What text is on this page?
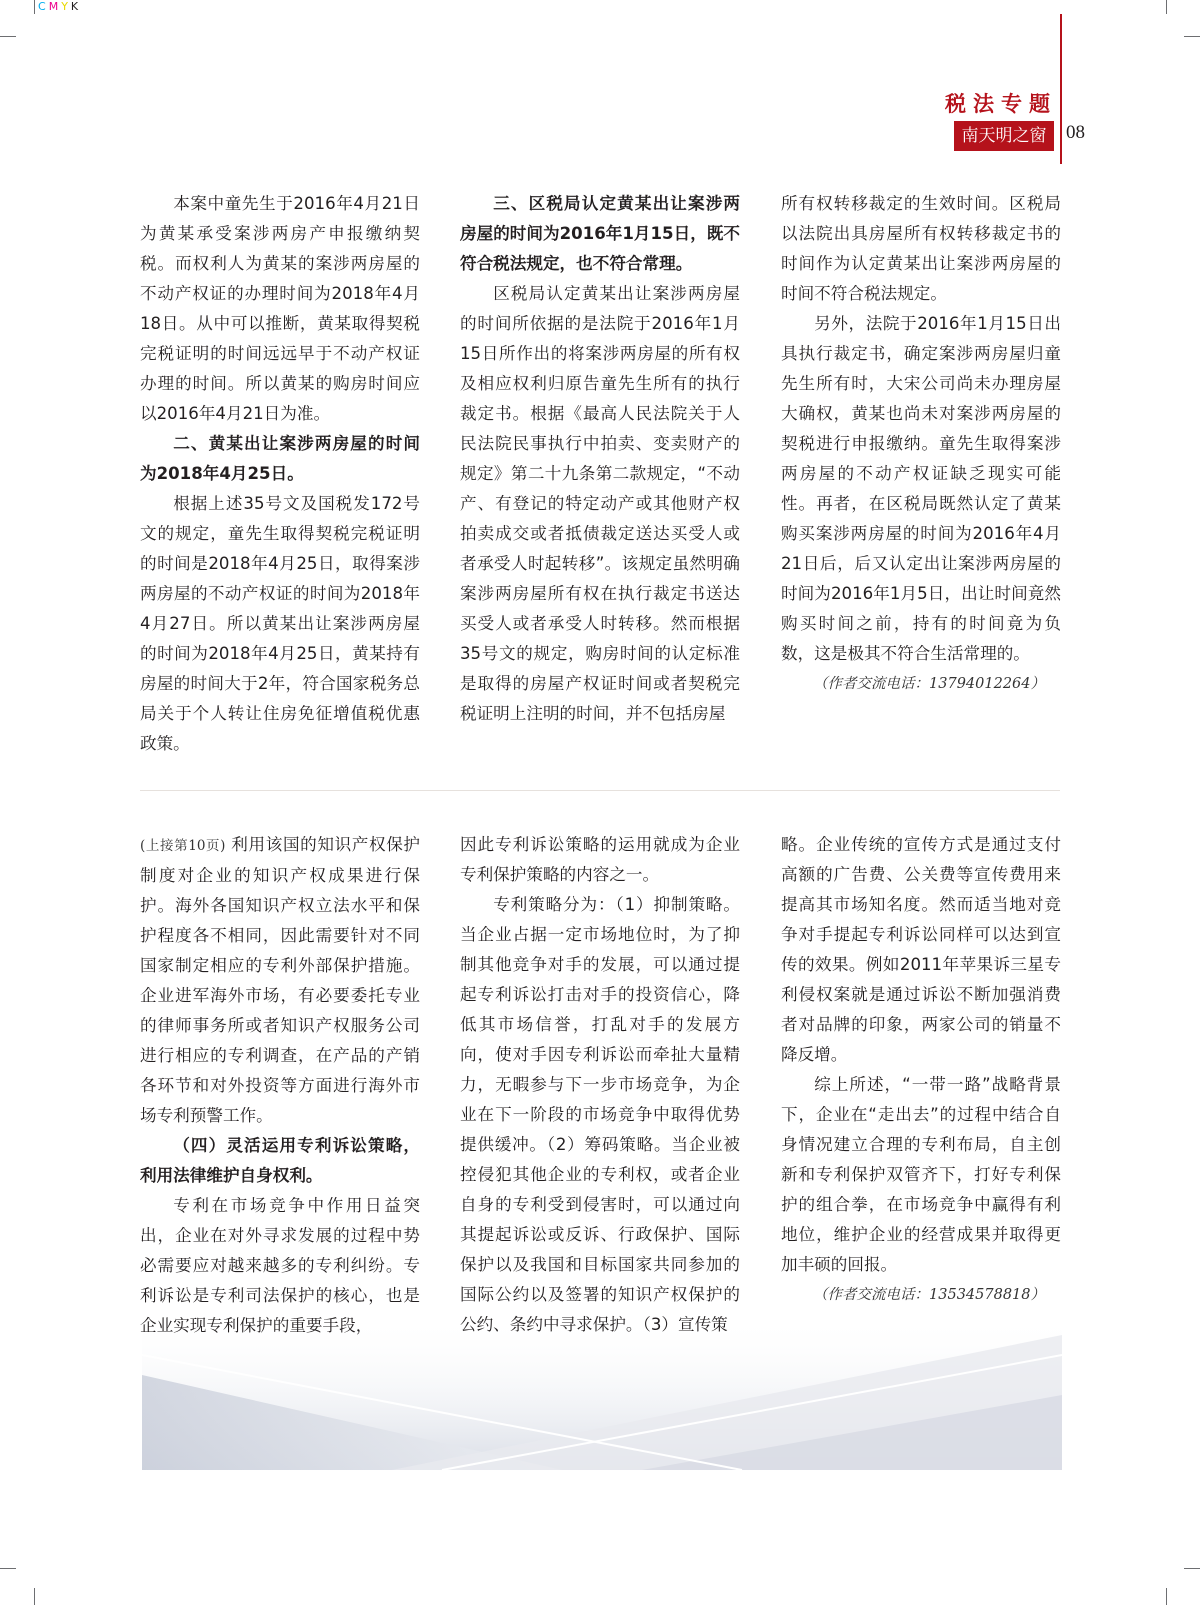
CMYK
税法专题
南天明之窗	08

本案中童先生于2016年4月21日为黄某承受案涉两房产申报缴纳契税。而权利人为黄某的案涉两房屋的不动产权证的办理时间为2018年4月18日。从中可以推断，黄某取得契税完税证明的时间远远早于不动产权证办理的时间。所以黄某的购房时间应以2016年4月21日为准。

二、黄某出让案涉两房屋的时间为2018年4月25日。

根据上述35号文及国税发172号文的规定，童先生取得契税完税证明的时间是2018年4月25日，取得案涉两房屋的不动产权证的时间为2018年4月27日。所以黄某出让案涉两房屋的时间为2018年4月25日，黄某持有房屋的时间大于2年，符合国家税务总局关于个人转让住房免征增值税优惠政策。

三、区税局认定黄某出让案涉两房屋的时间为2016年1月15日，既不符合税法规定，也不符合常理。

区税局认定黄某出让案涉两房屋的时间所依据的是法院于2016年1月15日所作出的将案涉两房屋的所有权及相应权利归原告童先生所有的执行裁定书。根据《最高人民法院关于人民法院民事执行中拍卖、变卖财产的规定》第二十九条第二款规定，“不动产、有登记的特定动产或其他财产权拍卖成交或者抵债裁定送达买受人或者承受人时起转移”。该规定虽然明确案涉两房屋所有权在执行裁定书送达买受人或者承受人时转移。然而根据35号文的规定，购房时间的认定标准是取得的房屋产权证时间或者契税完税证明上注明的时间，并不包括房屋

所有权转移裁定的生效时间。区税局以法院出具房屋所有权转移裁定书的时间作为认定黄某出让案涉两房屋的时间不符合税法规定。

另外，法院于2016年1月15日出具执行裁定书，确定案涉两房屋归童先生所有时，大宋公司尚未办理房屋大确权，黄某也尚未对案涉两房屋的契税进行申报缴纳。童先生取得案涉两房屋的不动产权证缺乏现实可能性。再者，在区税局既然认定了黄某购买案涉两房屋的时间为2016年4月21日后，后又认定出让案涉两房屋的时间为2016年1月5日，出让时间竟然购买时间之前，持有的时间竟为负数，这是极其不符合生活常理的。

（作者交流电话：13794012264）

(上接第10页) 利用该国的知识产权保护制度对企业的知识产权成果进行保护。海外各国知识产权立法水平和保护程度各不相同，因此需要针对不同国家制定相应的专利外部保护措施。企业进军海外市场，有必要委托专业的律师事务所或者知识产权服务公司进行相应的专利调查，在产品的产销各环节和对外投资等方面进行海外市场专利预警工作。

（四）灵活运用专利诉讼策略，利用法律维护自身权利。

专利在市场竞争中作用日益突出，企业在对外寻求发展的过程中势必需要应对越来越多的专利纠纷。专利诉讼是专利司法保护的核心，也是企业实现专利保护的重要手段，

因此专利诉讼策略的运用就成为企业专利保护策略的内容之一。

专利策略分为：（1）抑制策略。当企业占据一定市场地位时，为了抑制其他竞争对手的发展，可以通过提起专利诉讼打击对手的投资信心，降低其市场信誉，打乱对手的发展方向，使对手因专利诉讼而牵扯大量精力，无暇参与下一步市场竞争，为企业在下一阶段的市场竞争中取得优势提供缓冲。（2）筹码策略。当企业被控侵犯其他企业的专利权，或者企业自身的专利受到侵害时，可以通过向其提起诉讼或反诉、行政保护、国际保护以及我国和目标国家共同参加的国际公约以及签署的知识产权保护的公约、条约中寻求保护。（3）宣传策

略。企业传统的宣传方式是通过支付高额的广告费、公关费等宣传费用来提高其市场知名度。然而适当地对竞争对手提起专利诉讼同样可以达到宣传的效果。例如2011年苹果诉三星专利侵权案就是通过诉讼不断加强消费者对品牌的印象，两家公司的销量不降反增。

综上所述，“一带一路”战略背景下，企业在“走出去”的过程中结合自身情况建立合理的专利布局，自主创新和专利保护双管齐下，打好专利保护的组合拳，在市场竞争中赢得有利地位，维护企业的经营成果并取得更加丰硕的回报。

（作者交流电话：13534578818）
